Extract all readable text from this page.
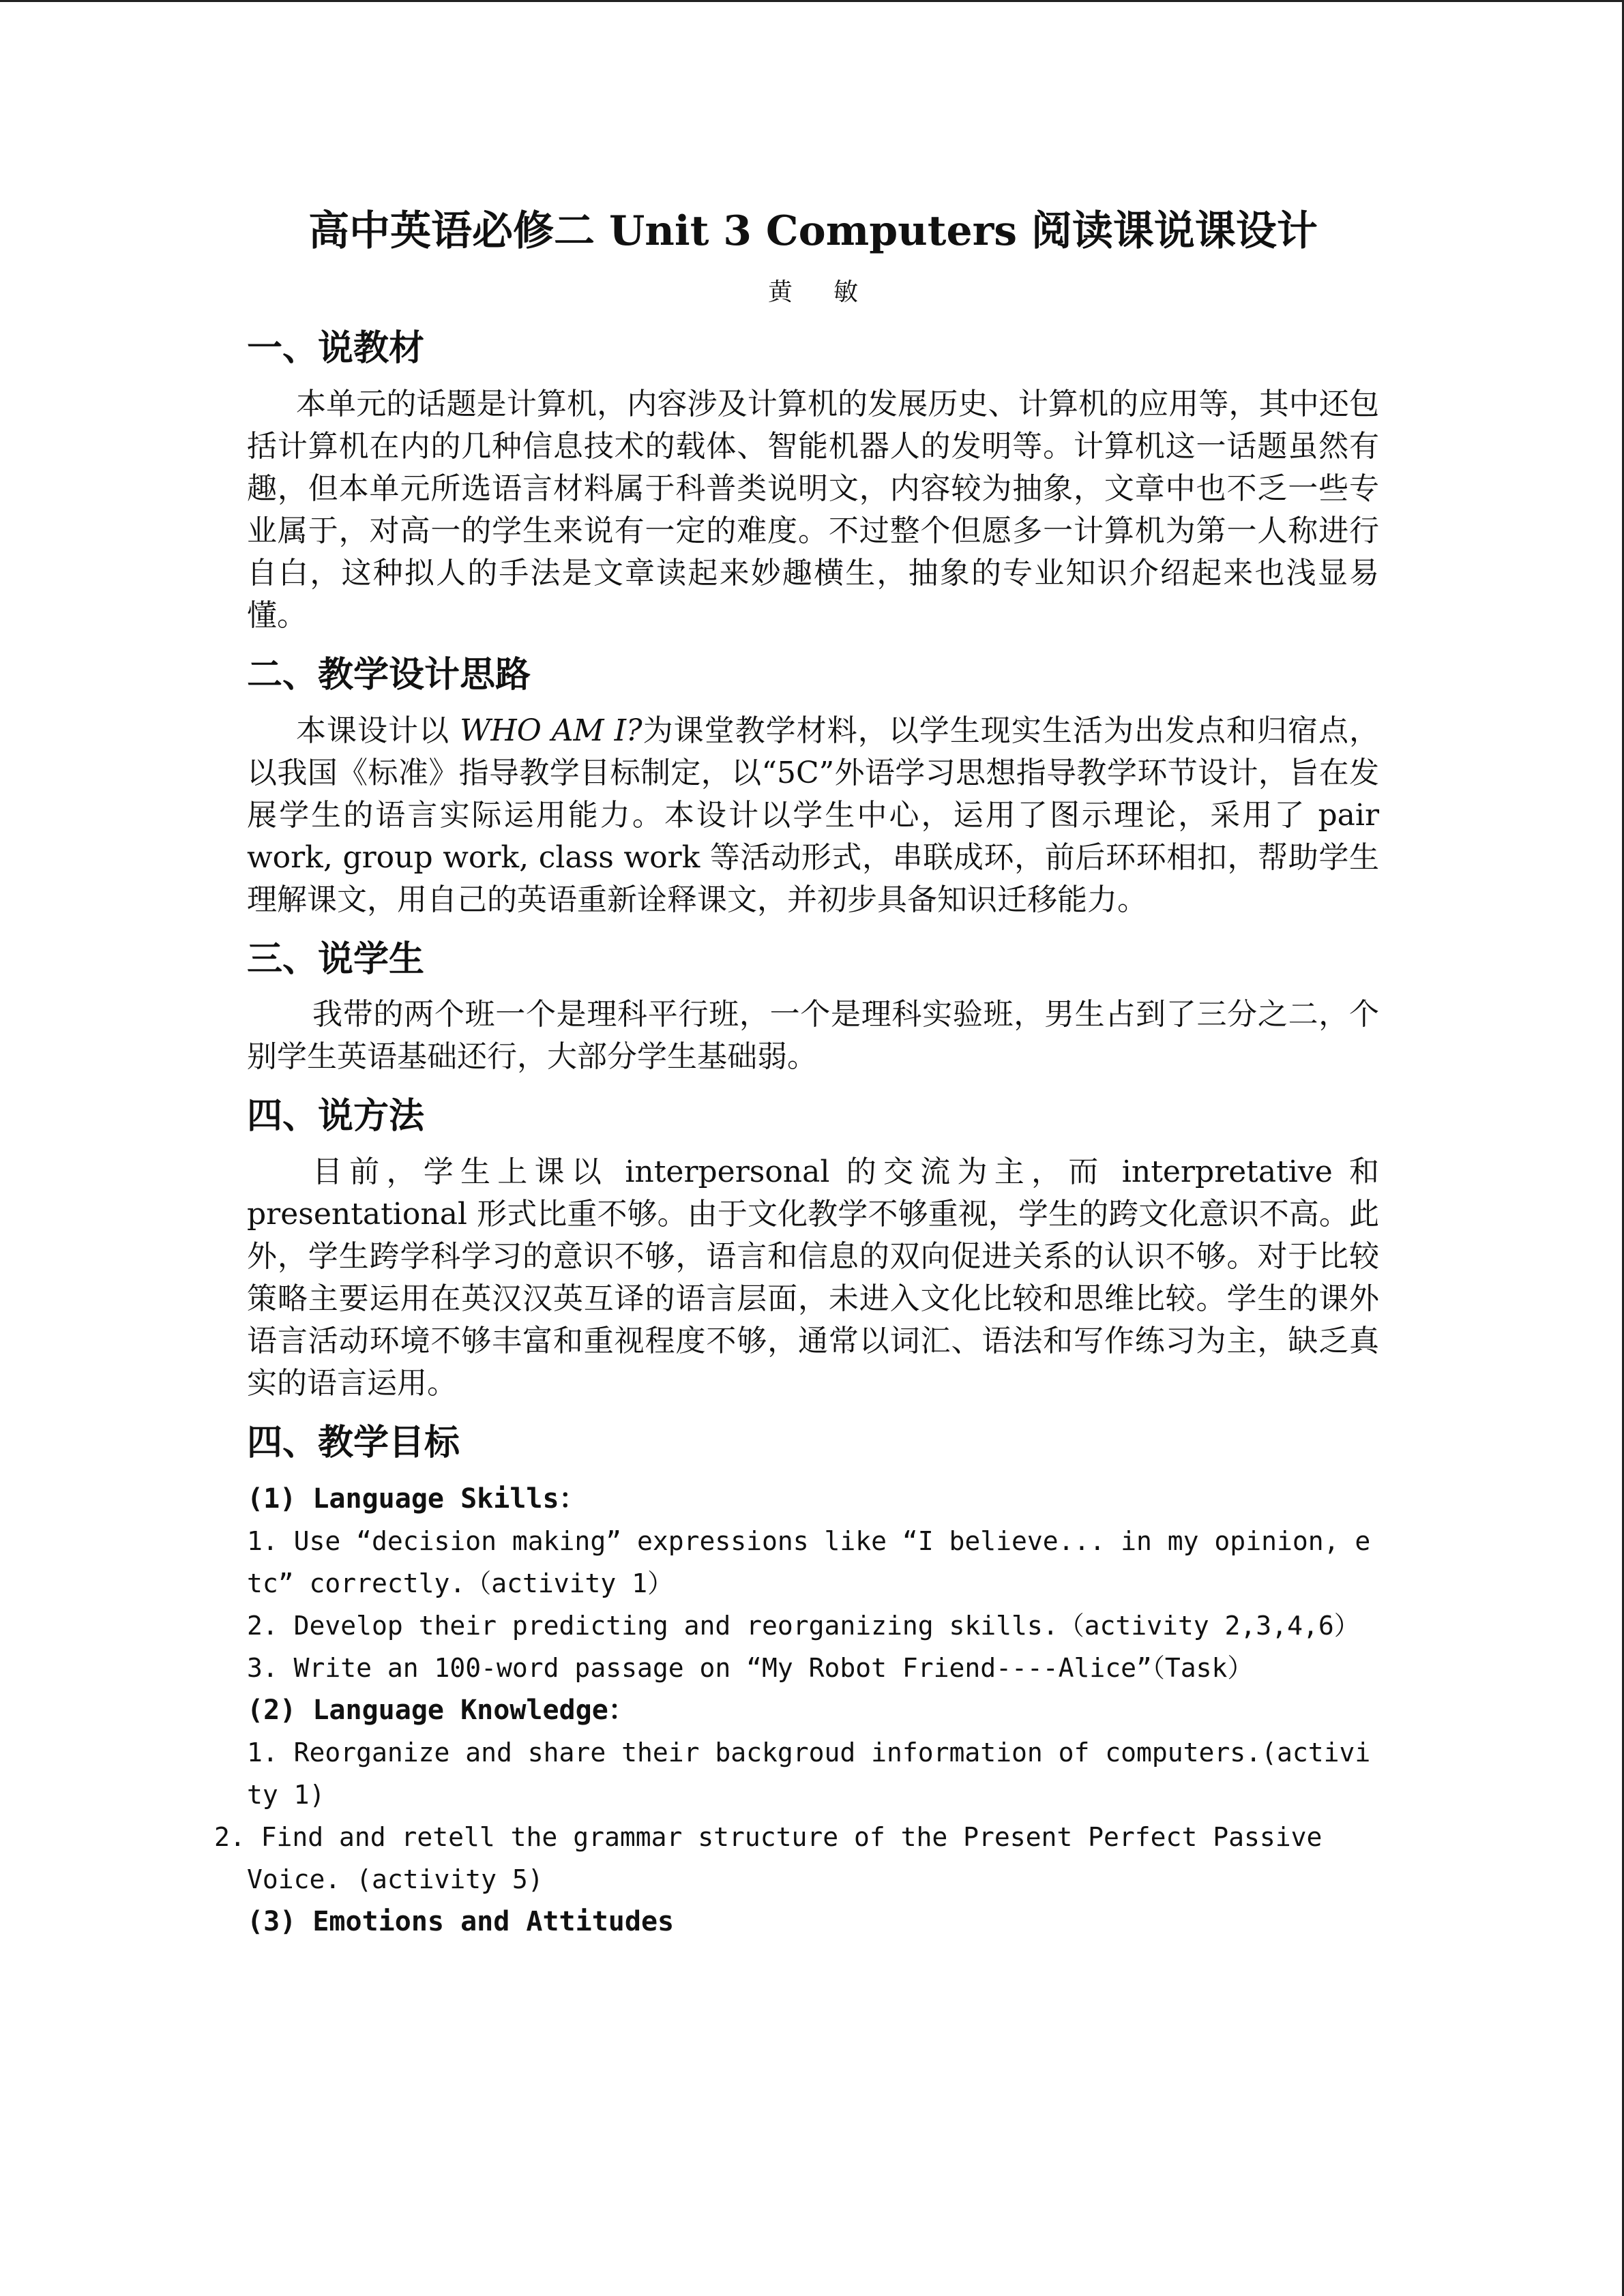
高中英语必修二 Unit 3 Computers 阅读课说课设计
黄敏
一、说教材

本单元的话题是计算机，内容涉及计算机的发展历史、计算机的应用等，其中还包括计算机在内的几种信息技术的载体、智能机器人的发明等。计算机这一话题虽然有趣，但本单元所选语言材料属于科普类说明文，内容较为抽象，文章中也不乏一些专业属于，对高一的学生来说有一定的难度。不过整个但愿多一计算机为第一人称进行自白，这种拟人的手法是文章读起来妙趣横生，抽象的专业知识介绍起来也浅显易懂。

二、教学设计思路

本课设计以 WHO AM I?为课堂教学材料，以学生现实生活为出发点和归宿点，以我国《标准》指导教学目标制定，以“5C”外语学习思想指导教学环节设计，旨在发展学生的语言实际运用能力。本设计以学生中心，运用了图示理论，采用了 pair work, group work, class work 等活动形式，串联成环，前后环环相扣，帮助学生理解课文，用自己的英语重新诠释课文，并初步具备知识迁移能力。

三、说学生

我带的两个班一个是理科平行班，一个是理科实验班，男生占到了三分之二，个别学生英语基础还行，大部分学生基础弱。

四、说方法

目前，学生上课以 interpersonal 的交流为主，而 interpretative 和 presentational 形式比重不够。由于文化教学不够重视，学生的跨文化意识不高。此外，学生跨学科学习的意识不够，语言和信息的双向促进关系的认识不够。对于比较策略主要运用在英汉汉英互译的语言层面，未进入文化比较和思维比较。学生的课外语言活动环境不够丰富和重视程度不够，通常以词汇、语法和写作练习为主，缺乏真实的语言运用。

四、教学目标

(1) Language Skills：

1. Use “decision making” expressions like “I believe... in my opinion, etc” correctly.（activity 1）

2. Develop their predicting and reorganizing skills.（activity 2,3,4,6）

3. Write an 100-word passage on “My Robot Friend----Alice”（Task）

(2) Language Knowledge：

1. Reorganize and share their backgroud information of computers.(activity 1)

2. Find and retell the grammar structure of the Present Perfect Passive
Voice. (activity 5)

(3) Emotions and Attitudes
